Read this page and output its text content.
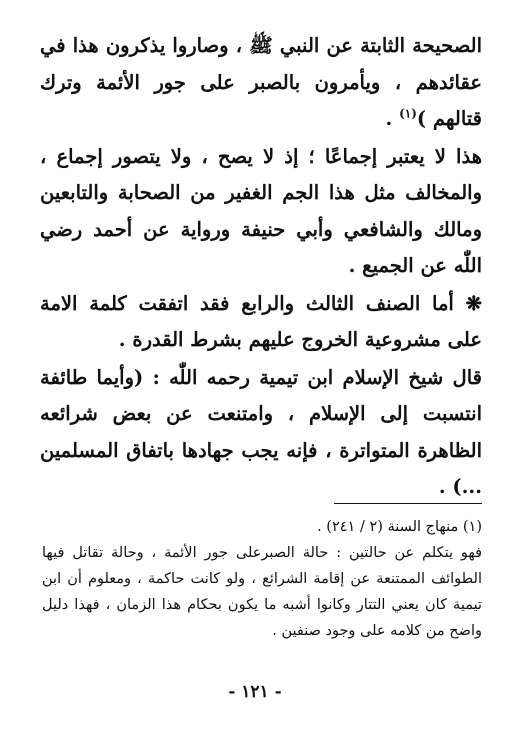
الصحيحة الثابتة عن النبي ﷺ ، وصاروا يذكرون هذا في عقائدهم ، ويأمرون بالصبر على جور الأئمة وترك قتالهم )$^{(١)}$ .

هذا لا يعتبر إجماعًا ؛ إذ لا يصح ، ولا يتصور إجماع ، والمخالف مثل هذا الجم الغفير من الصحابة والتابعين ومالك والشافعي وأبي حنيفة ورواية عن أحمد رضي اللّٰه عن الجميع .

❋ أما الصنف الثالث والرابع فقد اتفقت كلمة الامة على مشروعية الخروج عليهم بشرط القدرة .

قال شيخ الإسلام ابن تيمية رحمه اللّٰه : (وأيما طائفة انتسبت إلى الإسلام ، وامتنعت عن بعض شرائعه الظاهرة المتواترة ، فإنه يجب جهادها باتفاق المسلمين ...) .

(١) منهاج السنة (٢ / ٢٤١) .

فهو يتكلم عن حالتين : حالة الصبرعلى جور الأئمة ، وحالة تقاتل فيها الطوائف الممتنعة عن إقامة الشرائع ، ولو كانت حاكمة ، ومعلوم أن ابن تيمية كان يعني التتار وكانوا أشبه ما يكون بحكام هذا الزمان ، فهذا دليل واضح من كلامه على وجود صنفين .

- ١٢١ -
